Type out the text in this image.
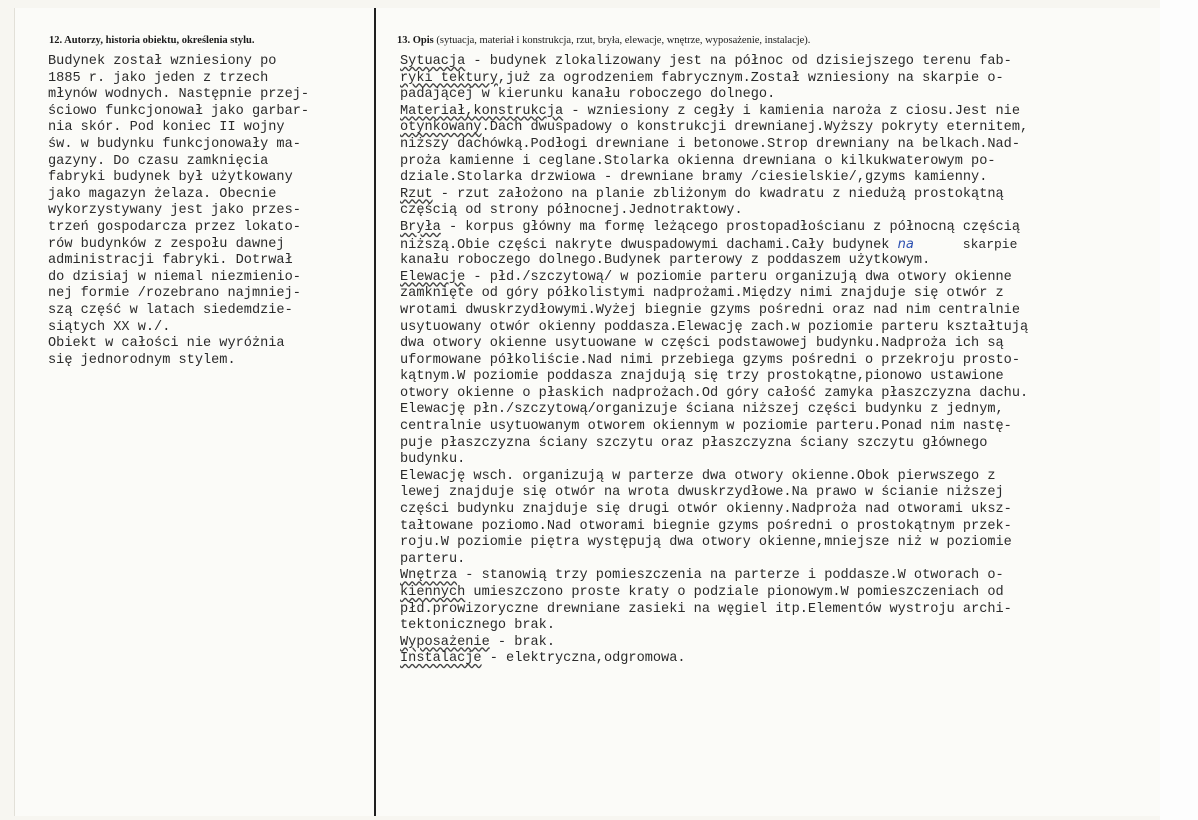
12. Autorzy, historia obiektu, określenia stylu.	13. Opis (sytuacja, materiał i konstrukcja, rzut, bryła, elewacje, wnętrze, wyposażenie, instalacje).
Budynek został wzniesiony po
1885 r. jako jeden z trzech
młynów wodnych. Następnie przej-
ściowo funkcjonował jako garbar-
nia skór. Pod koniec II wojny
św. w budynku funkcjonowały ma-
gazyny. Do czasu zamknięcia
fabryki budynek był użytkowany
jako magazyn żelaza. Obecnie
wykorzystywany jest jako przes-
trzeń gospodarcza przez lokato-
rów budynków z zespołu dawnej
administracji fabryki. Dotrwał
do dzisiaj w niemal niezmienio-
nej formie /rozebrano najmniej-
szą część w latach siedemdzie-
siątych XX w./.
Obiekt w całości nie wyróżnia
się jednorodnym stylem.
Sytuacja - budynek zlokalizowany jest na północ od dzisiejszego terenu fab-
ryki tektury,już za ogrodzeniem fabrycznym.Został wzniesiony na skarpie o-
padającej w kierunku kanału roboczego dolnego.
Materiał,konstrukcja - wzniesiony z cegły i kamienia naroża z ciosu.Jest nie
otynkowany.Dach dwuspadowy o konstrukcji drewnianej.Wyższy pokryty eternitem,
niższy dachówką.Podłogi drewniane i betonowe.Strop drewniany na belkach.Nad-
proża kamienne i ceglane.Stolarka okienna drewniana o kilkukwaterowym po-
dziale.Stolarka drzwiowa - drewniane bramy /ciesielskie/,gzyms kamienny.
Rzut - rzut założono na planie zbliżonym do kwadratu z niedużą prostokątną
częścią od strony północnej.Jednotraktowy.
Bryła - korpus główny ma formę leżącego prostopadłościanu z północną częścią
niższą.Obie części nakryte dwuspadowymi dachami.Cały budynek na	skarpie
kanału roboczego dolnego.Budynek parterowy z poddaszem użytkowym.
Elewacje - płd./szczytową/ w poziomie parteru organizują dwa otwory okienne
zamknięte od góry półkolistymi nadprożami.Między nimi znajduje się otwór z
wrotami dwuskrzydłowymi.Wyżej biegnie gzyms pośredni oraz nad nim centralnie
usytuowany otwór okienny poddasza.Elewację zach.w poziomie parteru kształtują
dwa otwory okienne usytuowane w części podstawowej budynku.Nadproża ich są
uformowane półkoliście.Nad nimi przebiega gzyms pośredni o przekroju prosto-
kątnym.W poziomie poddasza znajdują się trzy prostokątne,pionowo ustawione
otwory okienne o płaskich nadprożach.Od góry całość zamyka płaszczyzna dachu.
Elewację płn./szczytową/organizuje ściana niższej części budynku z jednym,
centralnie usytuowanym otworem okiennym w poziomie parteru.Ponad nim nastę-
puje płaszczyzna ściany szczytu oraz płaszczyzna ściany szczytu głównego
budynku.
Elewację wsch. organizują w parterze dwa otwory okienne.Obok pierwszego z
lewej znajduje się otwór na wrota dwuskrzydłowe.Na prawo w ścianie niższej
części budynku znajduje się drugi otwór okienny.Nadproża nad otworami uksz-
tałtowane poziomo.Nad otworami biegnie gzyms pośredni o prostokątnym przek-
roju.W poziomie piętra występują dwa otwory okienne,mniejsze niż w poziomie
parteru.
Wnętrza - stanowią trzy pomieszczenia na parterze i poddasze.W otworach o-
kiennych umieszczono proste kraty o podziale pionowym.W pomieszczeniach od
płd.prowizoryczne drewniane zasieki na węgiel itp.Elementów wystroju archi-
tektonicznego brak.
Wyposażenie - brak.
Instalacje - elektryczna,odgromowa.
